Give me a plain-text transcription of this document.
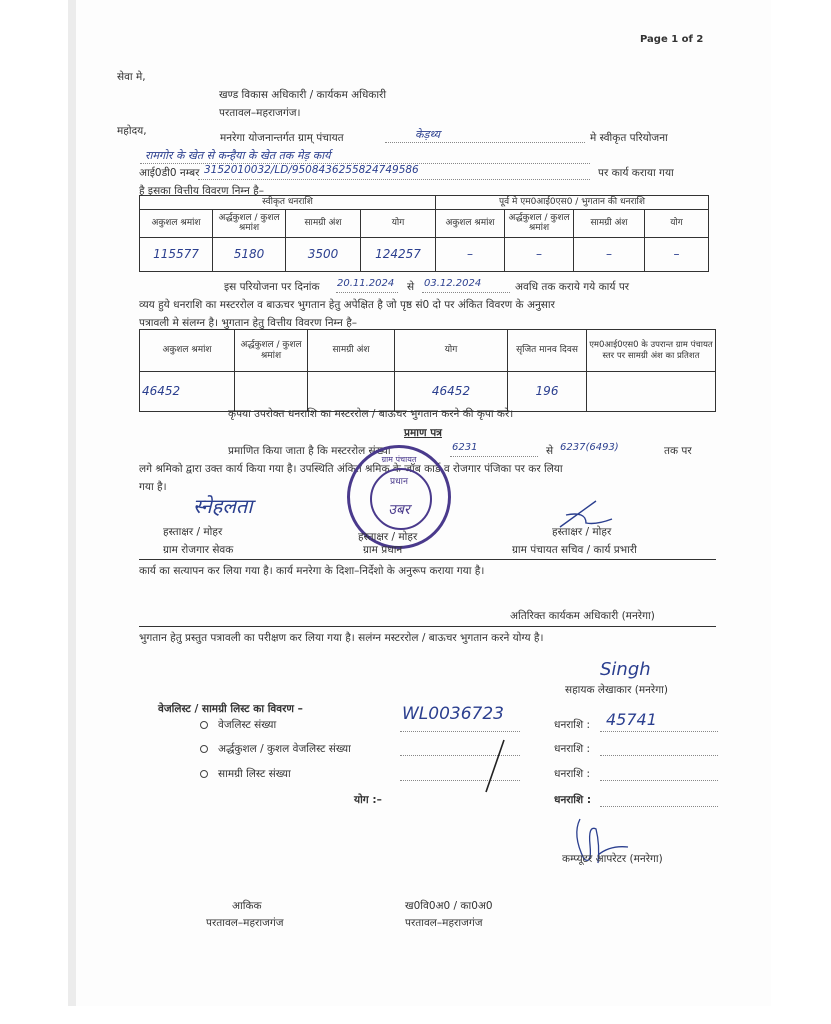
Page 1 of 2
सेवा मे,
खण्ड विकास अधिकारी / कार्यकम अधिकारी
परतावल–महराजगंज।
महोदय,
मनरेगा योजनान्तर्गत ग्राम् पंचायत	केड़थ्य	मे स्वीकृत परियोजना
रामगोर के खेत से कन्हैया के खेत तक मेड़ कार्य
आई0डी0 नम्बर 3152010032/LD/9508436255824749586	पर कार्य कराया गया
है इसका वित्तीय विवरण निम्न है–
स्वीकृत धनराशि				पूर्व मे एम0आई0एस0 / भुगतान की धनराशि			
अकुशल श्रमांश	अर्द्धकुशल / कुशल श्रमांश	सामग्री अंश	योग	अकुशल श्रमांश	अर्द्धकुशल / कुशल श्रमांश	सामग्री अंश	योग
115577	5180	3500	124257	–	–	–	–
इस परियोजना पर दिनांक 20.11.2024 से 03.12.2024	अवधि तक कराये गये कार्य पर
व्यय हुये धनराशि का मस्टररोल व बाऊचर भुगतान हेतु अपेक्षित है जो पृष्ठ सं0 दो पर अंकित विवरण के अनुसार
पत्रावली मे संलग्न है। भुगतान हेतु वित्तीय विवरण निम्न है–
अकुशल श्रमांश	अर्द्धकुशल / कुशल श्रमांश	सामग्री अंश	योग	सृजित मानव दिवस	एम0आई0एस0 के उपरान्त ग्राम पंचायत स्तर पर सामग्री अंश का प्रतिशत
46452			46452	196	
कृपया उपरोक्त धनराशि का मस्टररोल / बाऊचर भुगतान करने की कृपा करे।
प्रमाण पत्र
प्रमाणित किया जाता है कि मस्टररोल संख्या	6231	से 6237(6493)	तक पर
लगे श्रमिको द्वारा उक्त कार्य किया गया है। उपस्थिति अंकित श्रमिक के जॉब कार्ड व रोजगार पंजिका पर कर लिया
गया है।
ग्राम पंचायत
प्रधान
उबर
स्नेहलता
हस्ताक्षर / मोहर
ग्राम रोजगार सेवक
हस्ताक्षर / मोहर
ग्राम प्रधान
हस्ताक्षर / मोहर
ग्राम पंचायत सचिव / कार्य प्रभारी
कार्य का सत्यापन कर लिया गया है। कार्य मनरेगा के दिशा–निर्देशो के अनुरूप कराया गया है।
अतिरिक्त कार्यकम अधिकारी (मनरेगा)
भुगतान हेतु प्रस्तुत पत्रावली का परीक्षण कर लिया गया है। सलंग्न मस्टररोल / बाऊचर भुगतान करने योग्य है।
Singh
सहायक लेखाकार (मनरेगा)
वेजलिस्ट / सामग्री लिस्ट का विवरण –
वेजलिस्ट संख्या
WL0036723
धनराशि : 45741
अर्द्धकुशल / कुशल वेजलिस्ट संख्या	धनराशि :
सामग्री लिस्ट संख्या	धनराशि :
योग :–	धनराशि :
कम्प्यूटर आपरेटर (मनरेगा)
आकिक
परतावल–महराजगंज
ख0वि0अ0 / का0अ0
परतावल–महराजगंज
